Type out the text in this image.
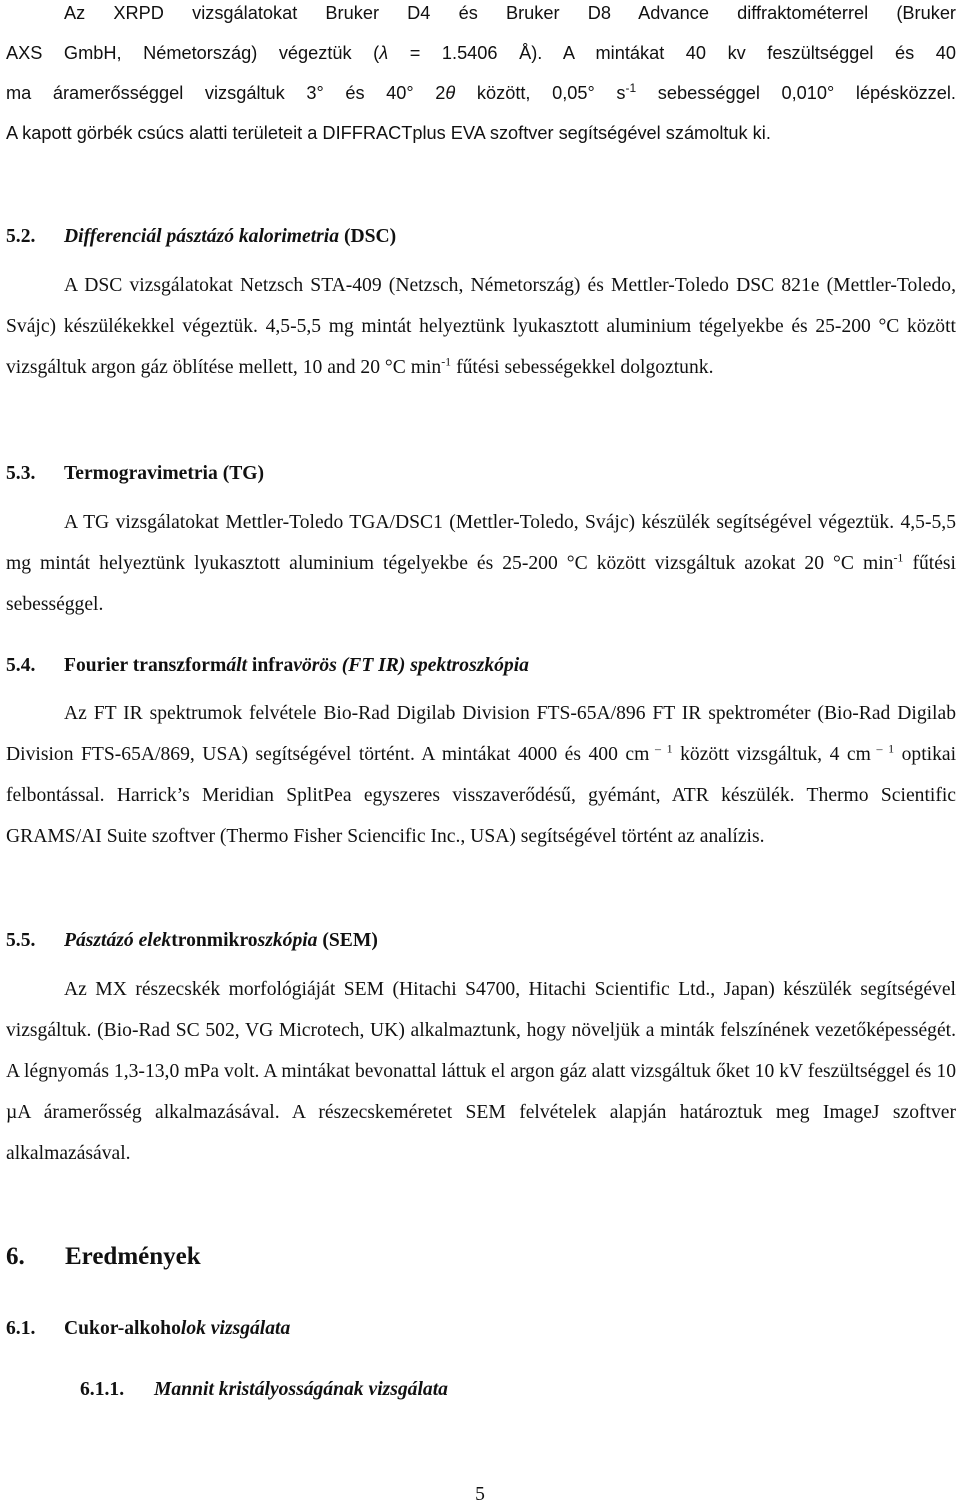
Az XRPD vizsgálatokat Bruker D4 és Bruker D8 Advance diffraktométerrel (Bruker
AXS GmbH, Németország) végeztük (λ = 1.5406 Å). A mintákat 40 kv feszültséggel és 40
ma áramerősséggel vizsgáltuk 3° és 40° 2θ között, 0,05° $s^{-1}$ sebességgel 0,010° lépésközzel.
A kapott görbék csúcs alatti területeit a DIFFRACTplus EVA szoftver segítségével számoltuk ki.
5.2. Differenciál pásztázó kalorimetria (DSC)
A DSC vizsgálatokat Netzsch STA-409 (Netzsch, Németország) és Mettler-Toledo DSC 821e (Mettler-Toledo, Svájc) készülékekkel végeztük. 4,5-5,5 mg mintát helyeztünk lyukasztott aluminium tégelyekbe és 25-200 °C között vizsgáltuk argon gáz öblítése mellett, 10 and 20 °C $\min^{-1}$ fűtési sebességekkel dolgoztunk.
5.3. Termogravimetria (TG)
A TG vizsgálatokat Mettler-Toledo TGA/DSC1 (Mettler-Toledo, Svájc) készülék segítségével végeztük. 4,5-5,5 mg mintát helyeztünk lyukasztott aluminium tégelyekbe és 25-200 °C között vizsgáltuk azokat 20 °C $\min^{-1}$ fűtési sebességgel.
5.4. Fourier transzformált infravörös (FT IR) spektroszkópia
Az FT IR spektrumok felvétele Bio-Rad Digilab Division FTS-65A/896 FT IR spektrométer (Bio-Rad Digilab Division FTS-65A/869, USA) segítségével történt. A mintákat 4000 és 400 cm $^{- 1}$ között vizsgáltuk, 4 cm $^{- 1}$ optikai felbontással. Harrick’s Meridian SplitPea egyszeres visszaverődésű, gyémánt, ATR készülék. Thermo Scientific GRAMS/AI Suite szoftver (Thermo Fisher Sciencific Inc., USA) segítségével történt az analízis.
5.5. Pásztázó elektronmikroszkópia (SEM)
Az MX részecskék morfológiáját SEM (Hitachi S4700, Hitachi Scientific Ltd., Japan) készülék segítségével vizsgáltuk. (Bio-Rad SC 502, VG Microtech, UK) alkalmaztunk, hogy növeljük a minták felszínének vezetőképességét. A légnyomás 1,3-13,0 mPa volt. A mintákat bevonattal láttuk el argon gáz alatt vizsgáltuk őket 10 kV feszültséggel és 10 µA áramerősség alkalmazásával. A részecskeméretet SEM felvételek alapján határoztuk meg ImageJ szoftver alkalmazásával.
6. Eredmények
6.1. Cukor-alkoholok vizsgálata
6.1.1. Mannit kristályosságának vizsgálata
5
